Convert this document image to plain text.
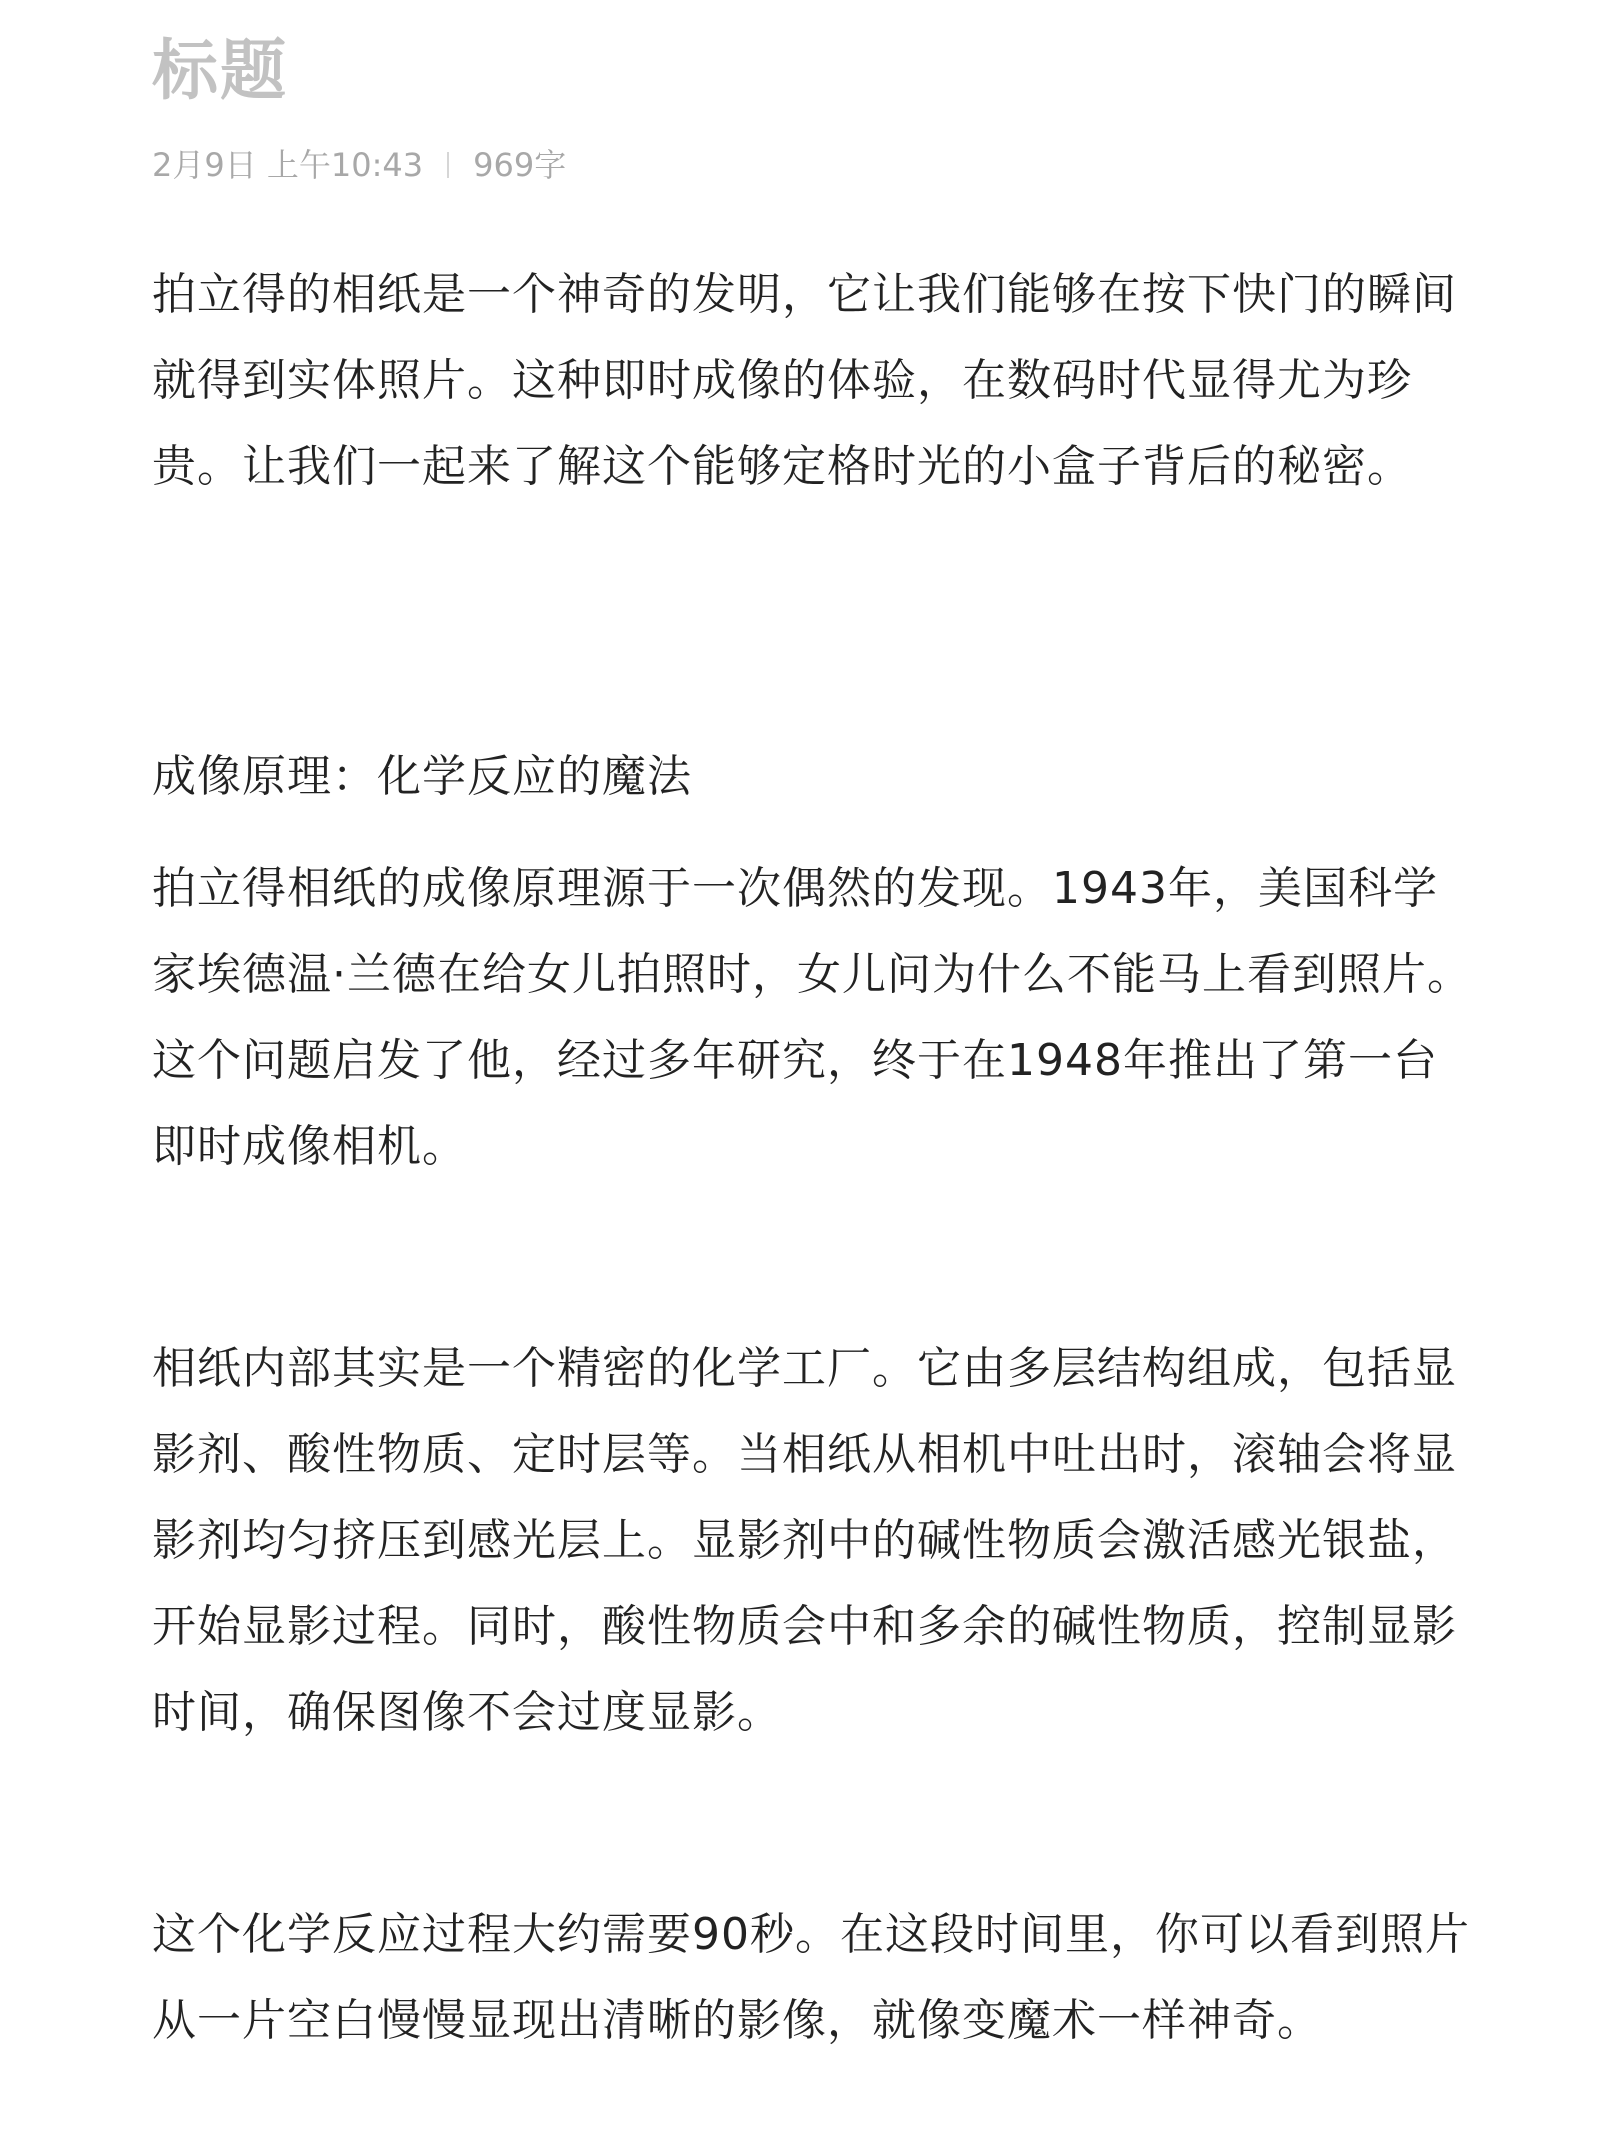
标题
2月9日 上午10:43 969字

拍立得的相纸是一个神奇的发明，它让我们能够在按下快门的瞬间就得到实体照片。这种即时成像的体验，在数码时代显得尤为珍贵。让我们一起来了解这个能够定格时光的小盒子背后的秘密。

成像原理：化学反应的魔法

拍立得相纸的成像原理源于一次偶然的发现。1943年，美国科学家埃德温·兰德在给女儿拍照时，女儿问为什么不能马上看到照片。这个问题启发了他，经过多年研究，终于在1948年推出了第一台即时成像相机。

相纸内部其实是一个精密的化学工厂。它由多层结构组成，包括显影剂、酸性物质、定时层等。当相纸从相机中吐出时，滚轴会将显影剂均匀挤压到感光层上。显影剂中的碱性物质会激活感光银盐，开始显影过程。同时，酸性物质会中和多余的碱性物质，控制显影时间，确保图像不会过度显影。

这个化学反应过程大约需要90秒。在这段时间里，你可以看到照片从一片空白慢慢显现出清晰的影像，就像变魔术一样神奇。
